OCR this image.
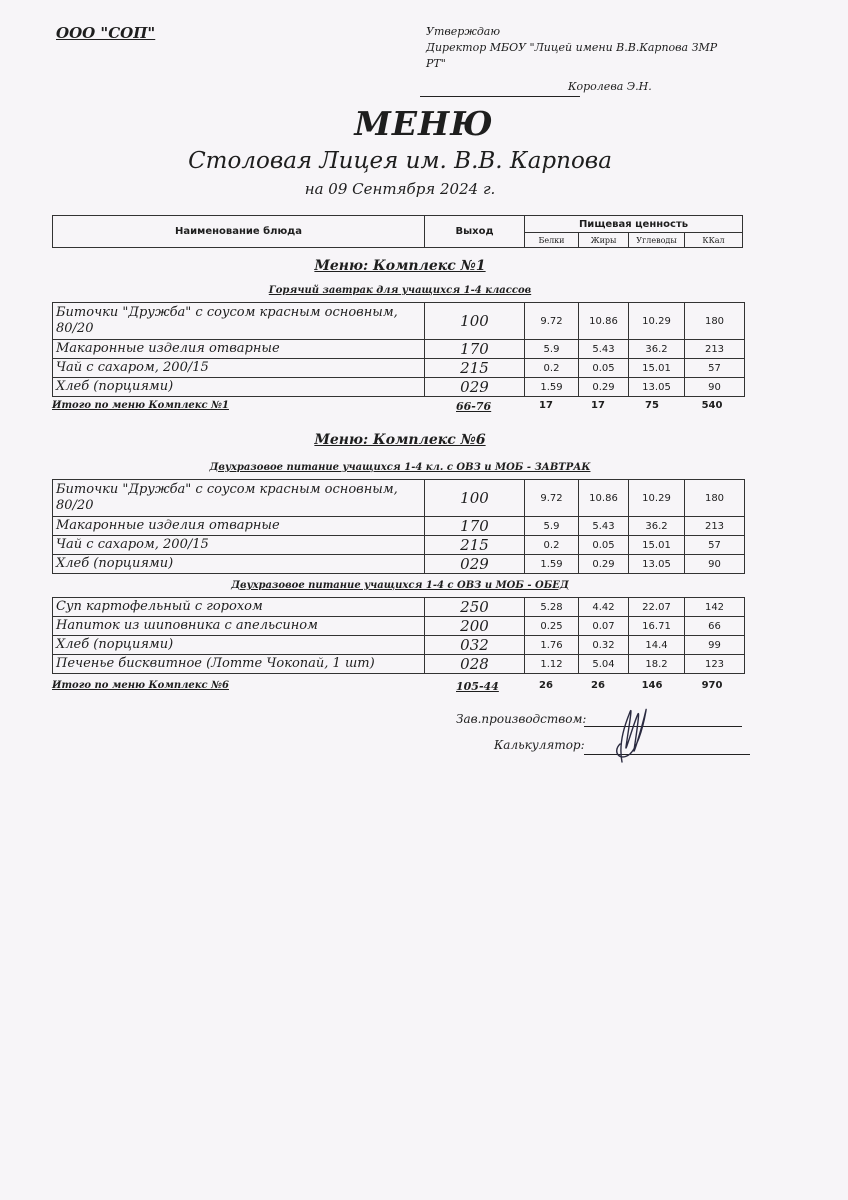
ООО "СОП"	Утверждаю
Директор МБОУ "Лицей имени В.В.Карпова ЗМР РТ"
Королева Э.Н.
МЕНЮ
Столовая Лицея им. В.В. Карпова
на 09 Сентября 2024 г.
Наименование блюда	Выход	Пищевая ценность			
		Белки	Жиры	Углеводы	ККал
Меню: Комплекс №1
Горячий завтрак для учащихся 1-4 классов
Биточки "Дружба" с соусом красным основным, 80/20	100	9.72	10.86	10.29	180
Макаронные изделия отварные	170	5.9	5.43	36.2	213
Чай с сахаром, 200/15	215	0.2	0.05	15.01	57
Хлеб (порциями)	029	1.59	0.29	13.05	90
Итого по меню Комплекс №1	66-76	17	17	75	540
Меню: Комплекс №6
Двухразовое питание учащихся 1-4 кл. с ОВЗ и МОБ - ЗАВТРАК
Биточки "Дружба" с соусом красным основным, 80/20	100	9.72	10.86	10.29	180
Макаронные изделия отварные	170	5.9	5.43	36.2	213
Чай с сахаром, 200/15	215	0.2	0.05	15.01	57
Хлеб (порциями)	029	1.59	0.29	13.05	90
Двухразовое питание учащихся 1-4 с ОВЗ и МОБ - ОБЕД
Суп картофельный с горохом	250	5.28	4.42	22.07	142
Напиток из шиповника с апельсином	200	0.25	0.07	16.71	66
Хлеб (порциями)	032	1.76	0.32	14.4	99
Печенье бисквитное (Лотте Чокопай, 1 шт)	028	1.12	5.04	18.2	123
Итого по меню Комплекс №6	105-44	26	26	146	970
Зав.производством:
Калькулятор:
